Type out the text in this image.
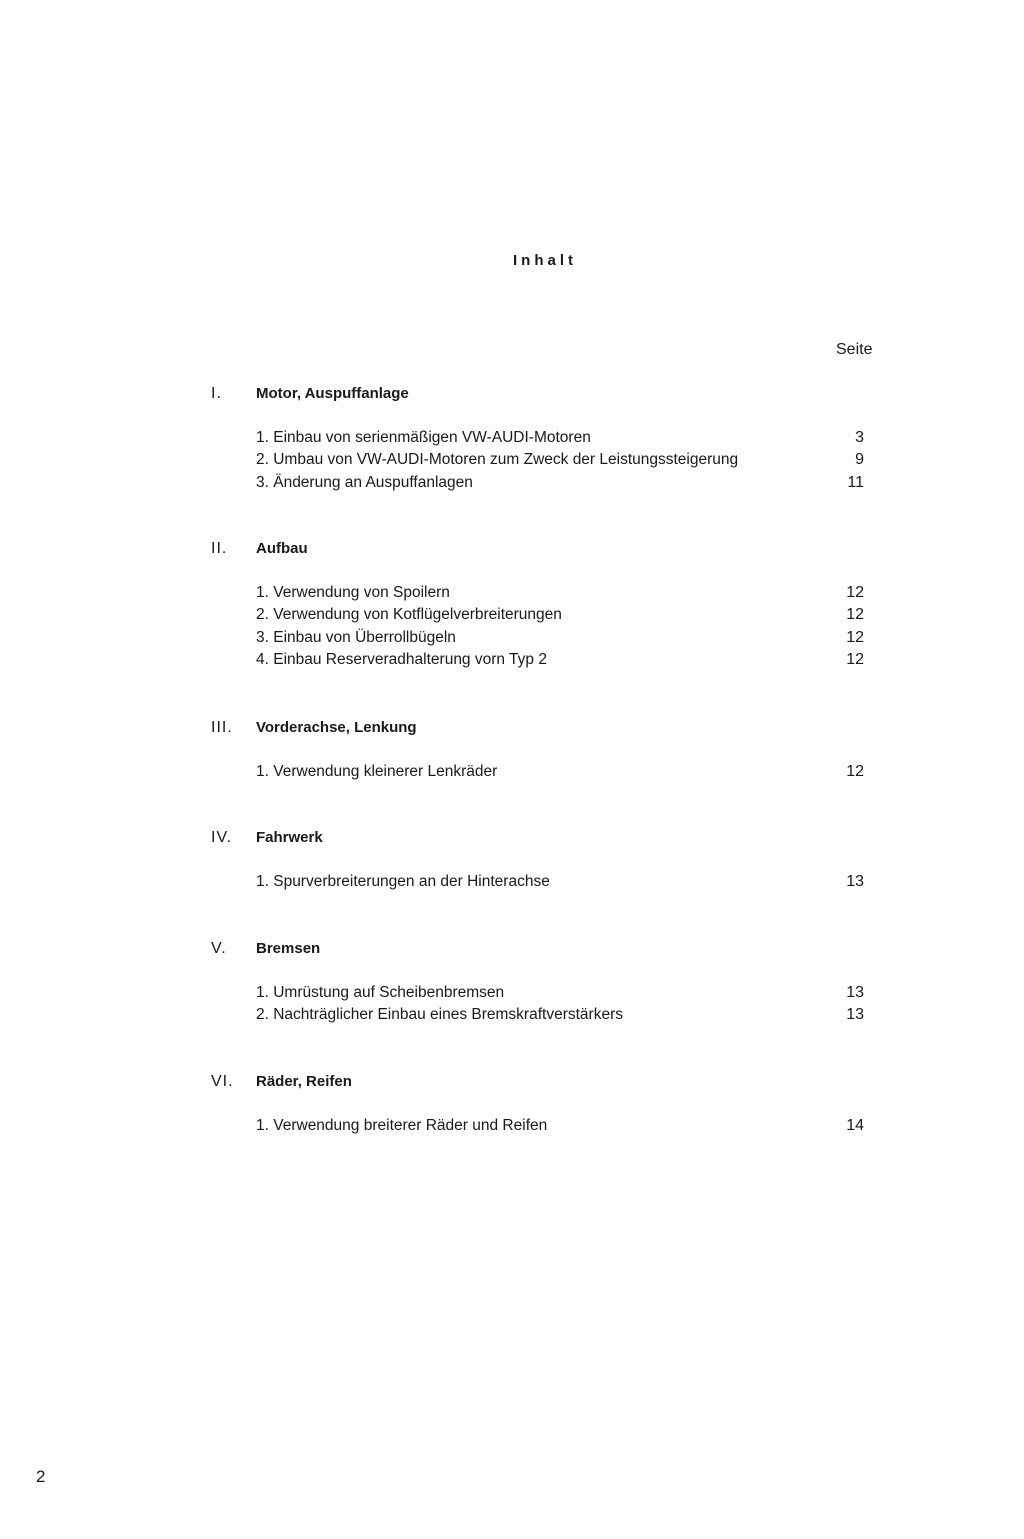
Inhalt
Seite
I. Motor, Auspuffanlage
1. Einbau von serienmäßigen VW-AUDI-Motoren	3
2. Umbau von VW-AUDI-Motoren zum Zweck der Leistungssteigerung	9
3. Änderung an Auspuffanlagen	11
II. Aufbau
1. Verwendung von Spoilern	12
2. Verwendung von Kotflügelverbreiterungen	12
3. Einbau von Überrollbügeln	12
4. Einbau Reserveradhalterung vorn Typ 2	12
III. Vorderachse, Lenkung
1. Verwendung kleinerer Lenkräder	12
IV. Fahrwerk
1. Spurverbreiterungen an der Hinterachse	13
V. Bremsen
1. Umrüstung auf Scheibenbremsen	13
2. Nachträglicher Einbau eines Bremskraftverstärkers	13
VI. Räder, Reifen
1. Verwendung breiterer Räder und Reifen	14
2
